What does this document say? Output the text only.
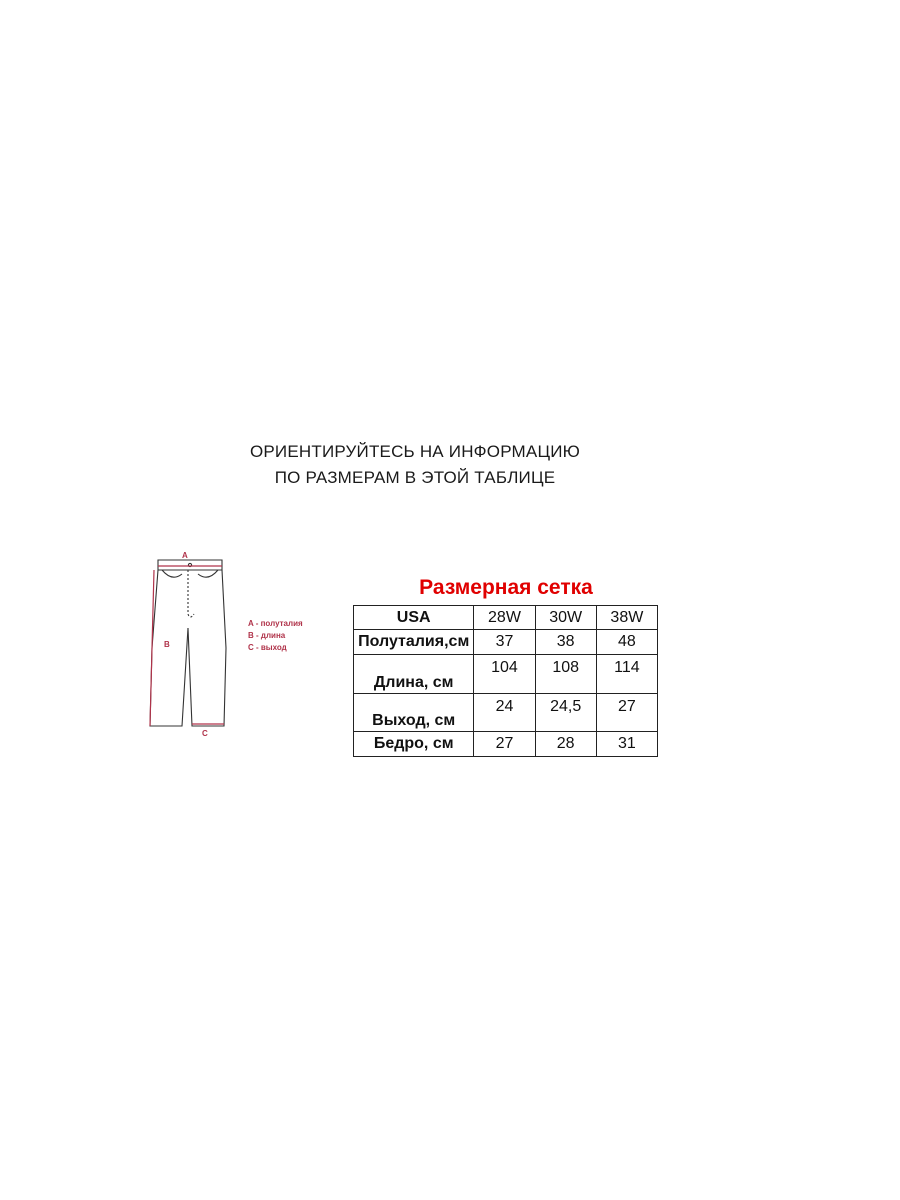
ОРИЕНТИРУЙТЕСЬ НА ИНФОРМАЦИЮ
ПО РАЗМЕРАМ В ЭТОЙ ТАБЛИЦЕ
A
B
C
A - полуталия
B - длина
C - выход
Размерная сетка
USA	28W	30W	38W
Полуталия,см	37	38	48
Длина, см	104	108	114
Выход, см	24	24,5	27
Бедро, см	27	28	31
